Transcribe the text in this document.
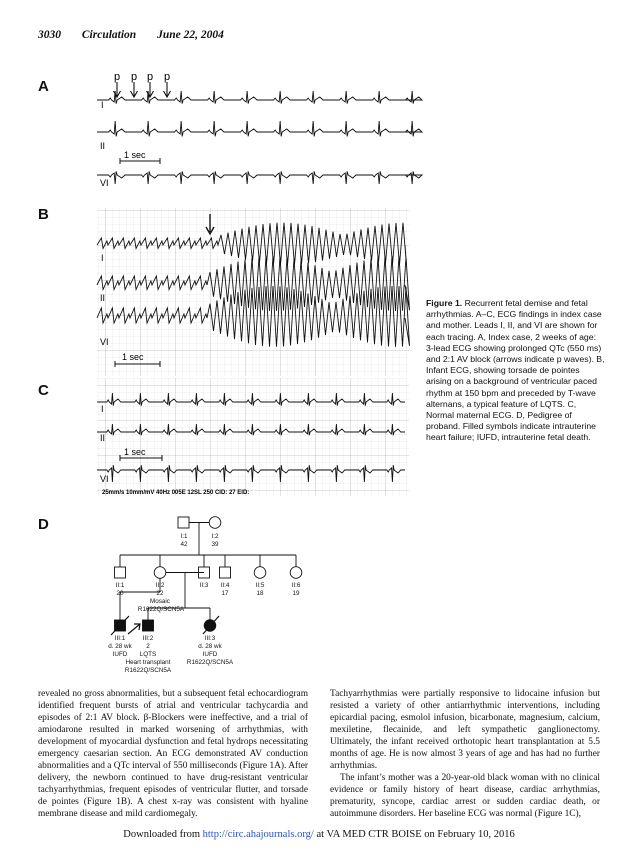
3030 Circulation June 22, 2004
A
B
C
D
p p p p
I
II
VI
I
II
VI
I
II
VI
1 sec
1 sec
1 sec
25mm/s 10mm/mV 40Hz 005E 12SL 250 CID: 27 EID:
I:1
42
I:2
39
II:1
20
II:2
22
Mosaic
R1622Q/SCN5A
II:3 II:4
17
II:5
18
II:6
19
III:1
d. 28 wk
IUFD
III:2
2
LQTS
Heart transplant
R1622Q/SCN5A
III:3
d. 28 wk
IUFD
R1622Q/SCN5A
Figure 1. Recurrent fetal demise and fetal arrhythmias. A–C, ECG findings in index case and mother. Leads I, II, and VI are shown for each tracing. A, Index case, 2 weeks of age: 3-lead ECG showing prolonged QTc (550 ms) and 2:1 AV block (arrows indicate p waves). B, Infant ECG, showing torsade de pointes arising on a background of ventricular paced rhythm at 150 bpm and preceded by T-wave alternans, a typical feature of LQTS. C, Normal maternal ECG. D, Pedigree of proband. Filled symbols indicate intrauterine heart failure; IUFD, intrauterine fetal death.

revealed no gross abnormalities, but a subsequent fetal echocardiogram identified frequent bursts of atrial and ventricular tachycardia and episodes of 2:1 AV block. β-Blockers were ineffective, and a trial of amiodarone resulted in marked worsening of arrhythmias, with development of myocardial dysfunction and fetal hydrops necessitating emergency caesarian section. An ECG demonstrated AV conduction abnormalities and a QTc interval of 550 milliseconds (Figure 1A). After delivery, the newborn continued to have drug-resistant ventricular tachyarrhythmias, frequent episodes of ventricular flutter, and torsade de pointes (Figure 1B). A chest x-ray was consistent with hyaline membrane disease and mild cardiomegaly.

Tachyarrhythmias were partially responsive to lidocaine infusion but resisted a variety of other antiarrhythmic interventions, including epicardial pacing, esmolol infusion, bicarbonate, magnesium, calcium, mexiletine, flecainide, and left sympathetic ganglionectomy. Ultimately, the infant received orthotopic heart transplantation at 5.5 months of age. He is now almost 3 years of age and has had no further arrhythmias.

The infant’s mother was a 20-year-old black woman with no clinical evidence or family history of heart disease, cardiac arrhythmias, prematurity, syncope, cardiac arrest or sudden cardiac death, or autoimmune disorders. Her baseline ECG was normal (Figure 1C),

Downloaded from http://circ.ahajournals.org/ at VA MED CTR BOISE on February 10, 2016
